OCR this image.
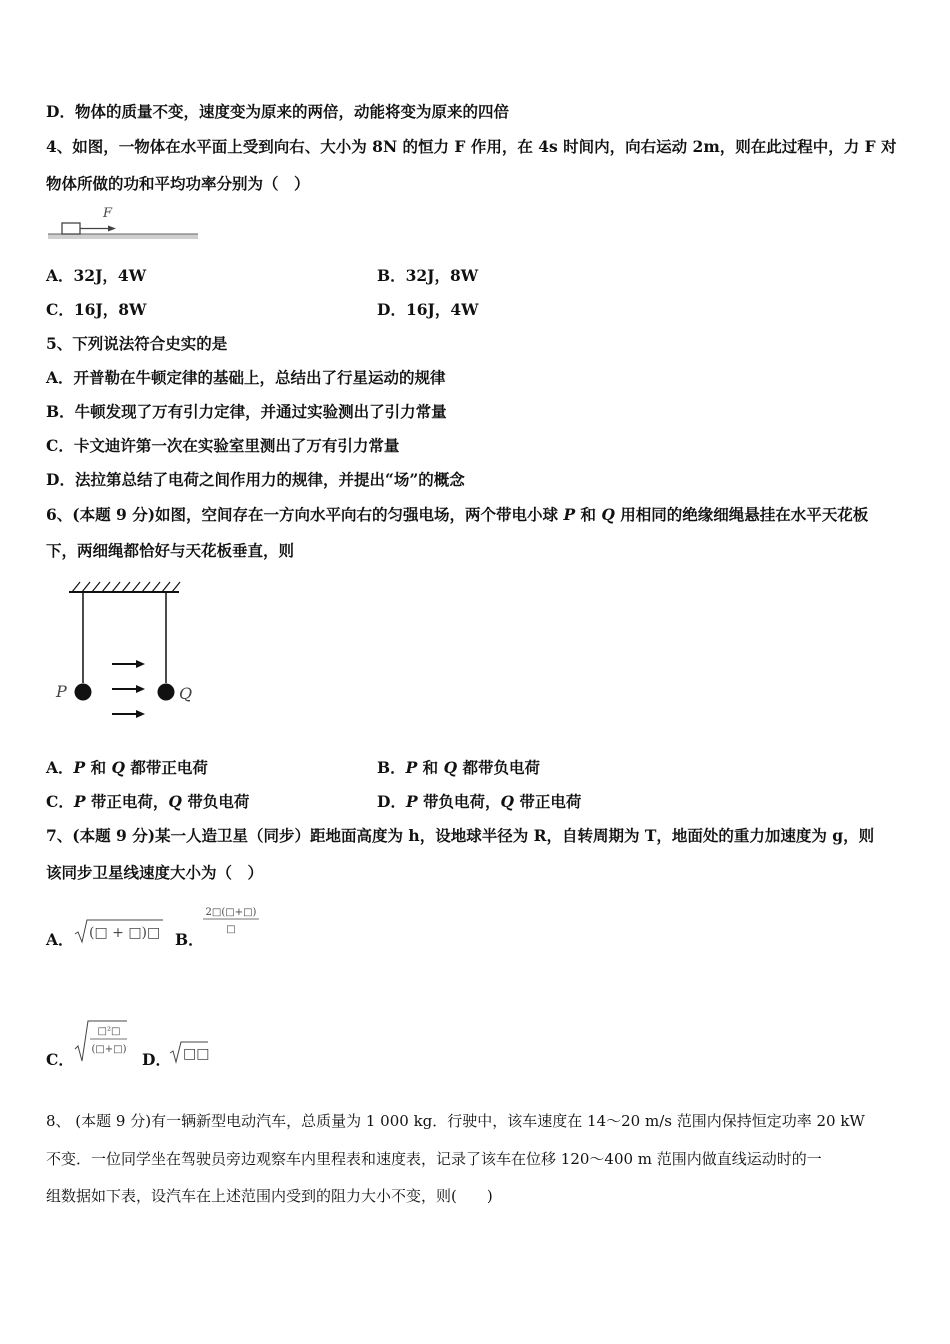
D．物体的质量不变，速度变为原来的两倍，动能将变为原来的四倍
4、如图，一物体在水平面上受到向右、大小为 8N 的恒力 F 作用，在 4s 时间内，向右运动 2m，则在此过程中，力 F 对
物体所做的功和平均功率分别为（　）
F
A．32J，4W	B．32J，8W
C．16J，8W	D．16J，4W
5、下列说法符合史实的是
A．开普勒在牛顿定律的基础上，总结出了行星运动的规律
B．牛顿发现了万有引力定律，并通过实验测出了引力常量
C．卡文迪许第一次在实验室里测出了万有引力常量
D．法拉第总结了电荷之间作用力的规律，并提出“场”的概念
6、(本题 9 分)如图，空间存在一方向水平向右的匀强电场，两个带电小球 P 和 Q 用相同的绝缘细绳悬挂在水平天花板
下，两细绳都恰好与天花板垂直，则
P	Q
A．P 和 Q 都带正电荷	B．P 和 Q 都带负电荷
C．P 带正电荷，Q 带负电荷	D．P 带负电荷，Q 带正电荷
7、(本题 9 分)某一人造卫星（同步）距地面高度为 h，设地球半径为 R，自转周期为 T，地面处的重力加速度为 g，则
该同步卫星线速度大小为（　）
A． (□ + □)□ B．
2□(□+□)
□
C．
□²□
(□+□)
D． □□
8、 (本题 9 分)有一辆新型电动汽车，总质量为 1 000 kg．行驶中，该车速度在 14～20 m/s 范围内保持恒定功率 20 kW
不变．一位同学坐在驾驶员旁边观察车内里程表和速度表，记录了该车在位移 120～400 m 范围内做直线运动时的一
组数据如下表，设汽车在上述范围内受到的阻力大小不变，则(　　)
